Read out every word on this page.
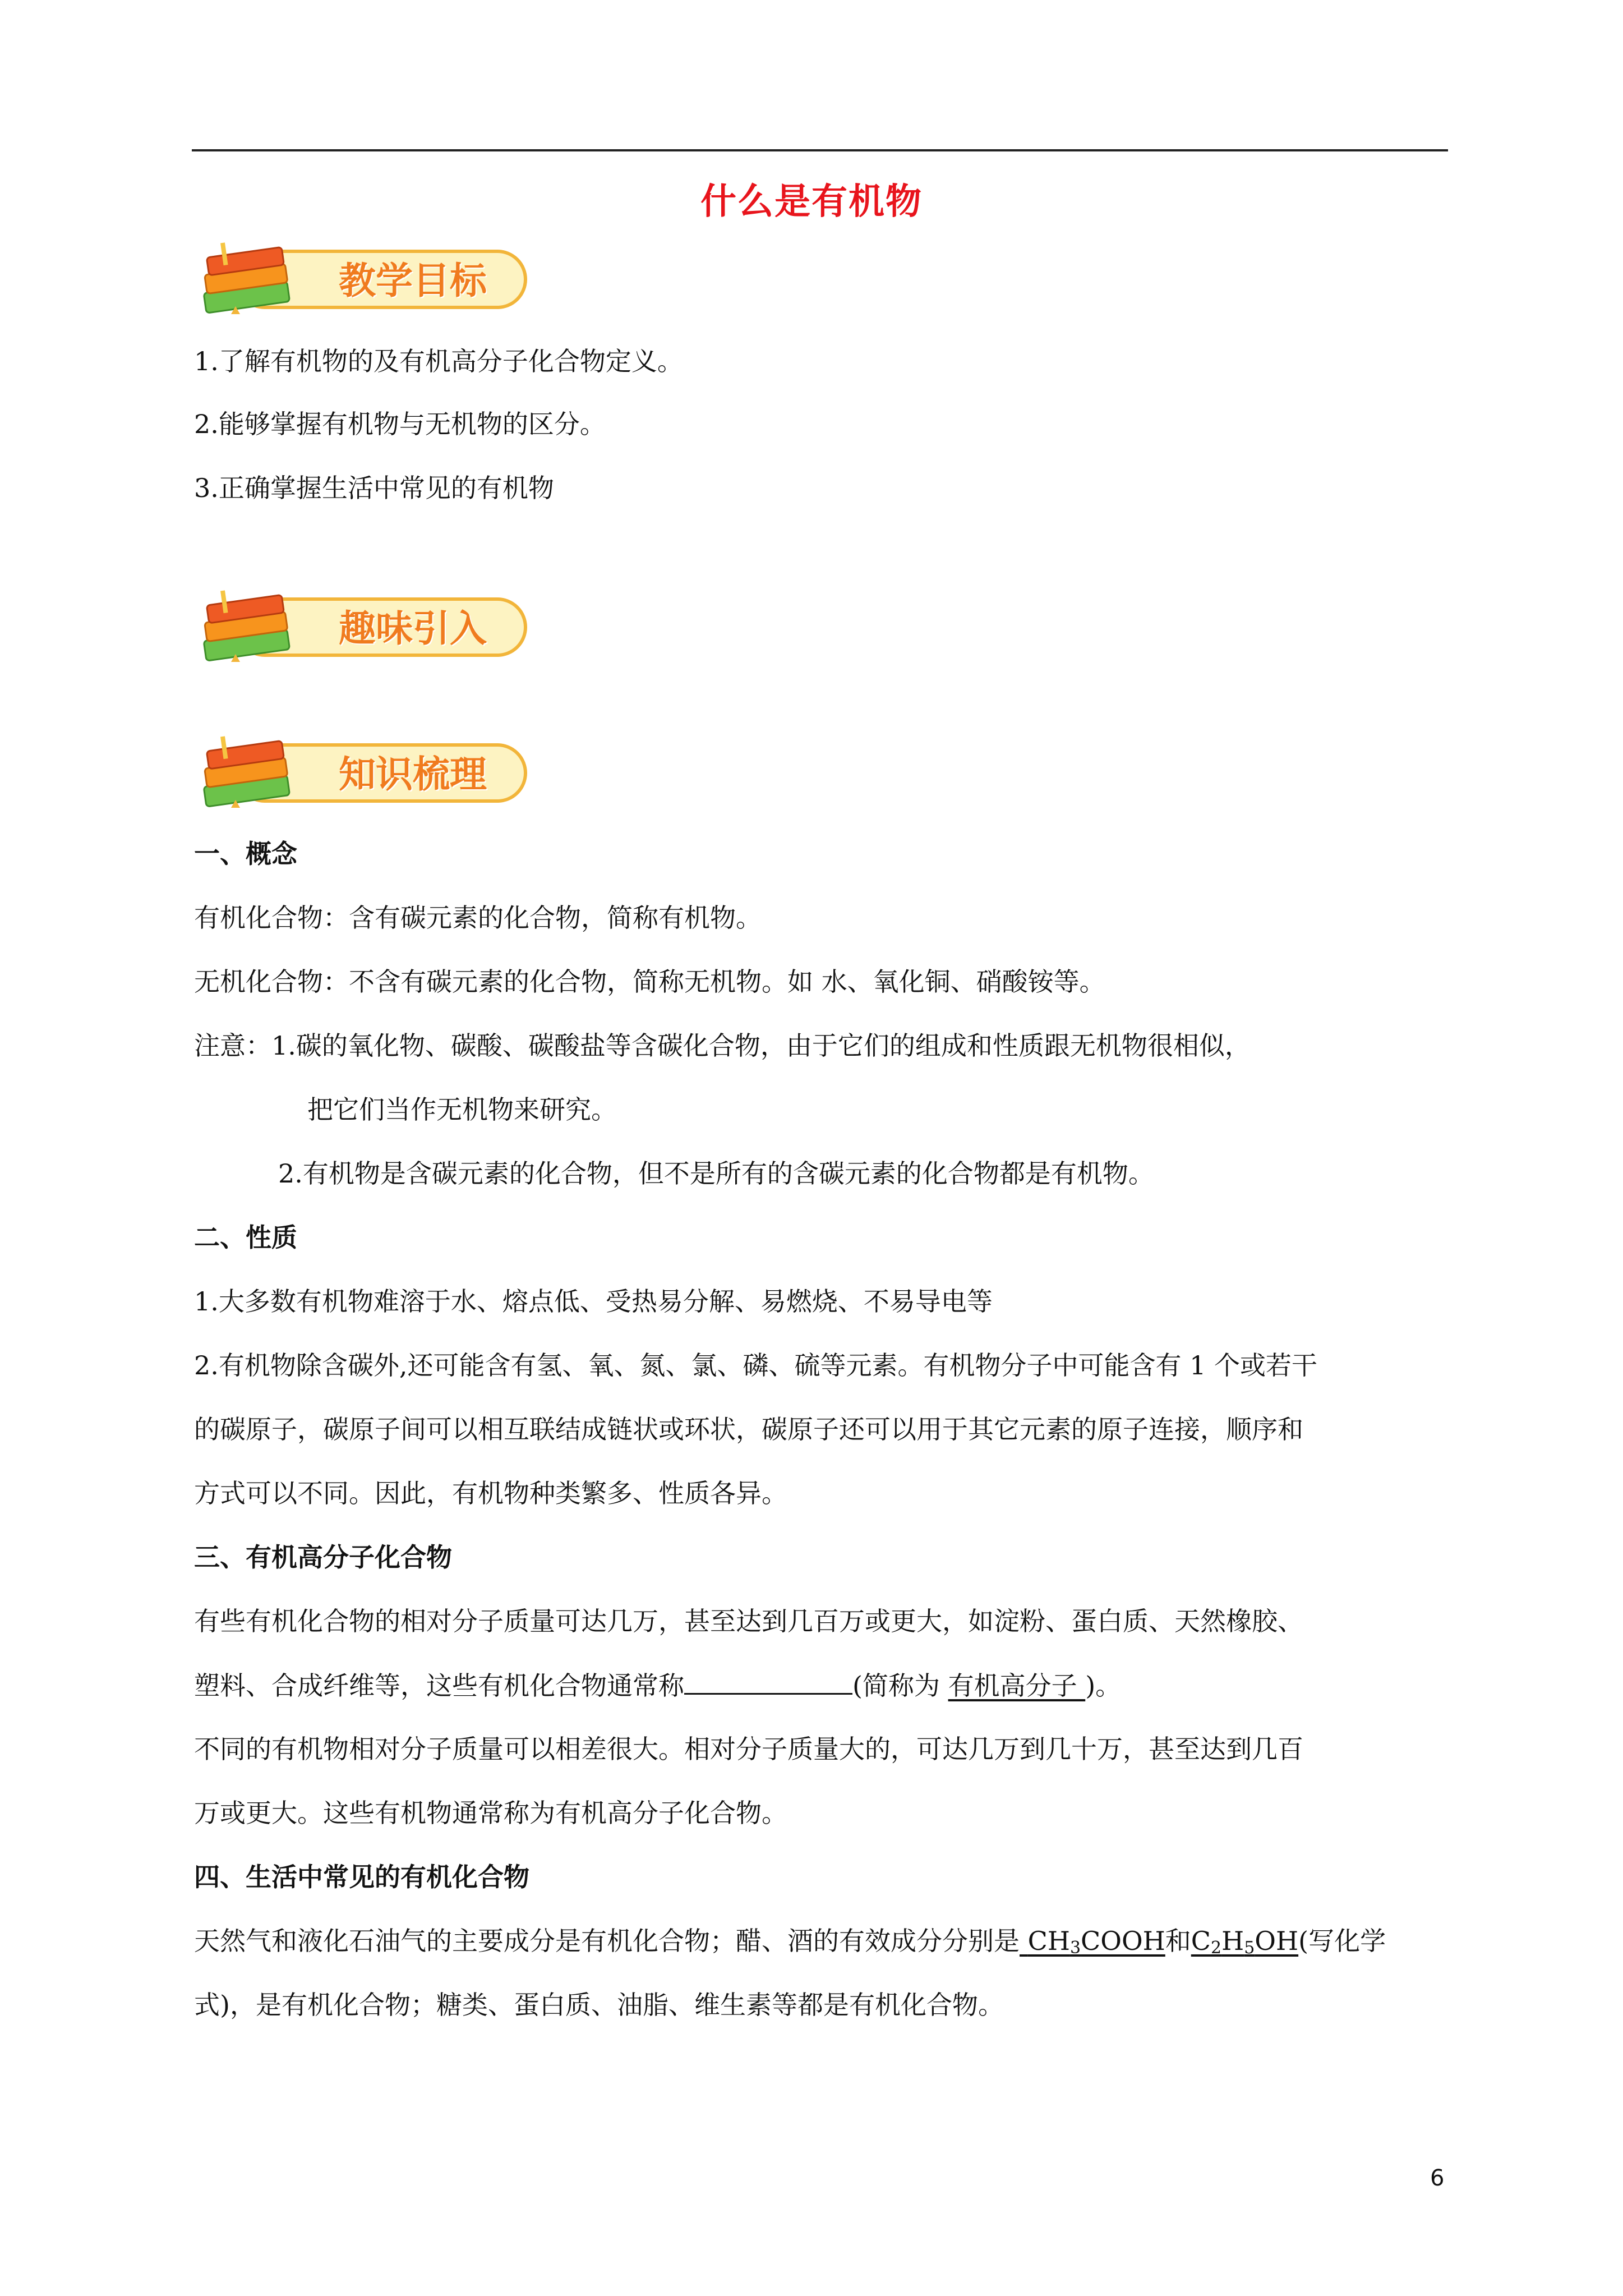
什么是有机物
教学目标
1.了解有机物的及有机高分子化合物定义。
2.能够掌握有机物与无机物的区分。
3.正确掌握生活中常见的有机物
趣味引入
知识梳理
一、概念
有机化合物：含有碳元素的化合物，简称有机物。
无机化合物：不含有碳元素的化合物，简称无机物。如 水、氧化铜、硝酸铵等。
注意：1.碳的氧化物、碳酸、碳酸盐等含碳化合物，由于它们的组成和性质跟无机物很相似，
把它们当作无机物来研究。
2.有机物是含碳元素的化合物，但不是所有的含碳元素的化合物都是有机物。
二、性质
1.大多数有机物难溶于水、熔点低、受热易分解、易燃烧、不易导电等
2.有机物除含碳外,还可能含有氢、氧、氮、氯、磷、硫等元素。有机物分子中可能含有 1 个或若干
的碳原子，碳原子间可以相互联结成链状或环状，碳原子还可以用于其它元素的原子连接，顺序和
方式可以不同。因此，有机物种类繁多、性质各异。
三、有机高分子化合物
有些有机化合物的相对分子质量可达几万，甚至达到几百万或更大，如淀粉、蛋白质、天然橡胶、
塑料、合成纤维等，这些有机化合物通常称	(简称为 有机高分子 )。
不同的有机物相对分子质量可以相差很大。相对分子质量大的，可达几万到几十万，甚至达到几百
万或更大。这些有机物通常称为有机高分子化合物。
四、生活中常见的有机化合物
天然气和液化石油气的主要成分是有机化合物；醋、酒的有效成分分别是 $CH_3COOH$和$C_2H_5OH$(写化学
式)，是有机化合物；糖类、蛋白质、油脂、维生素等都是有机化合物。
6
